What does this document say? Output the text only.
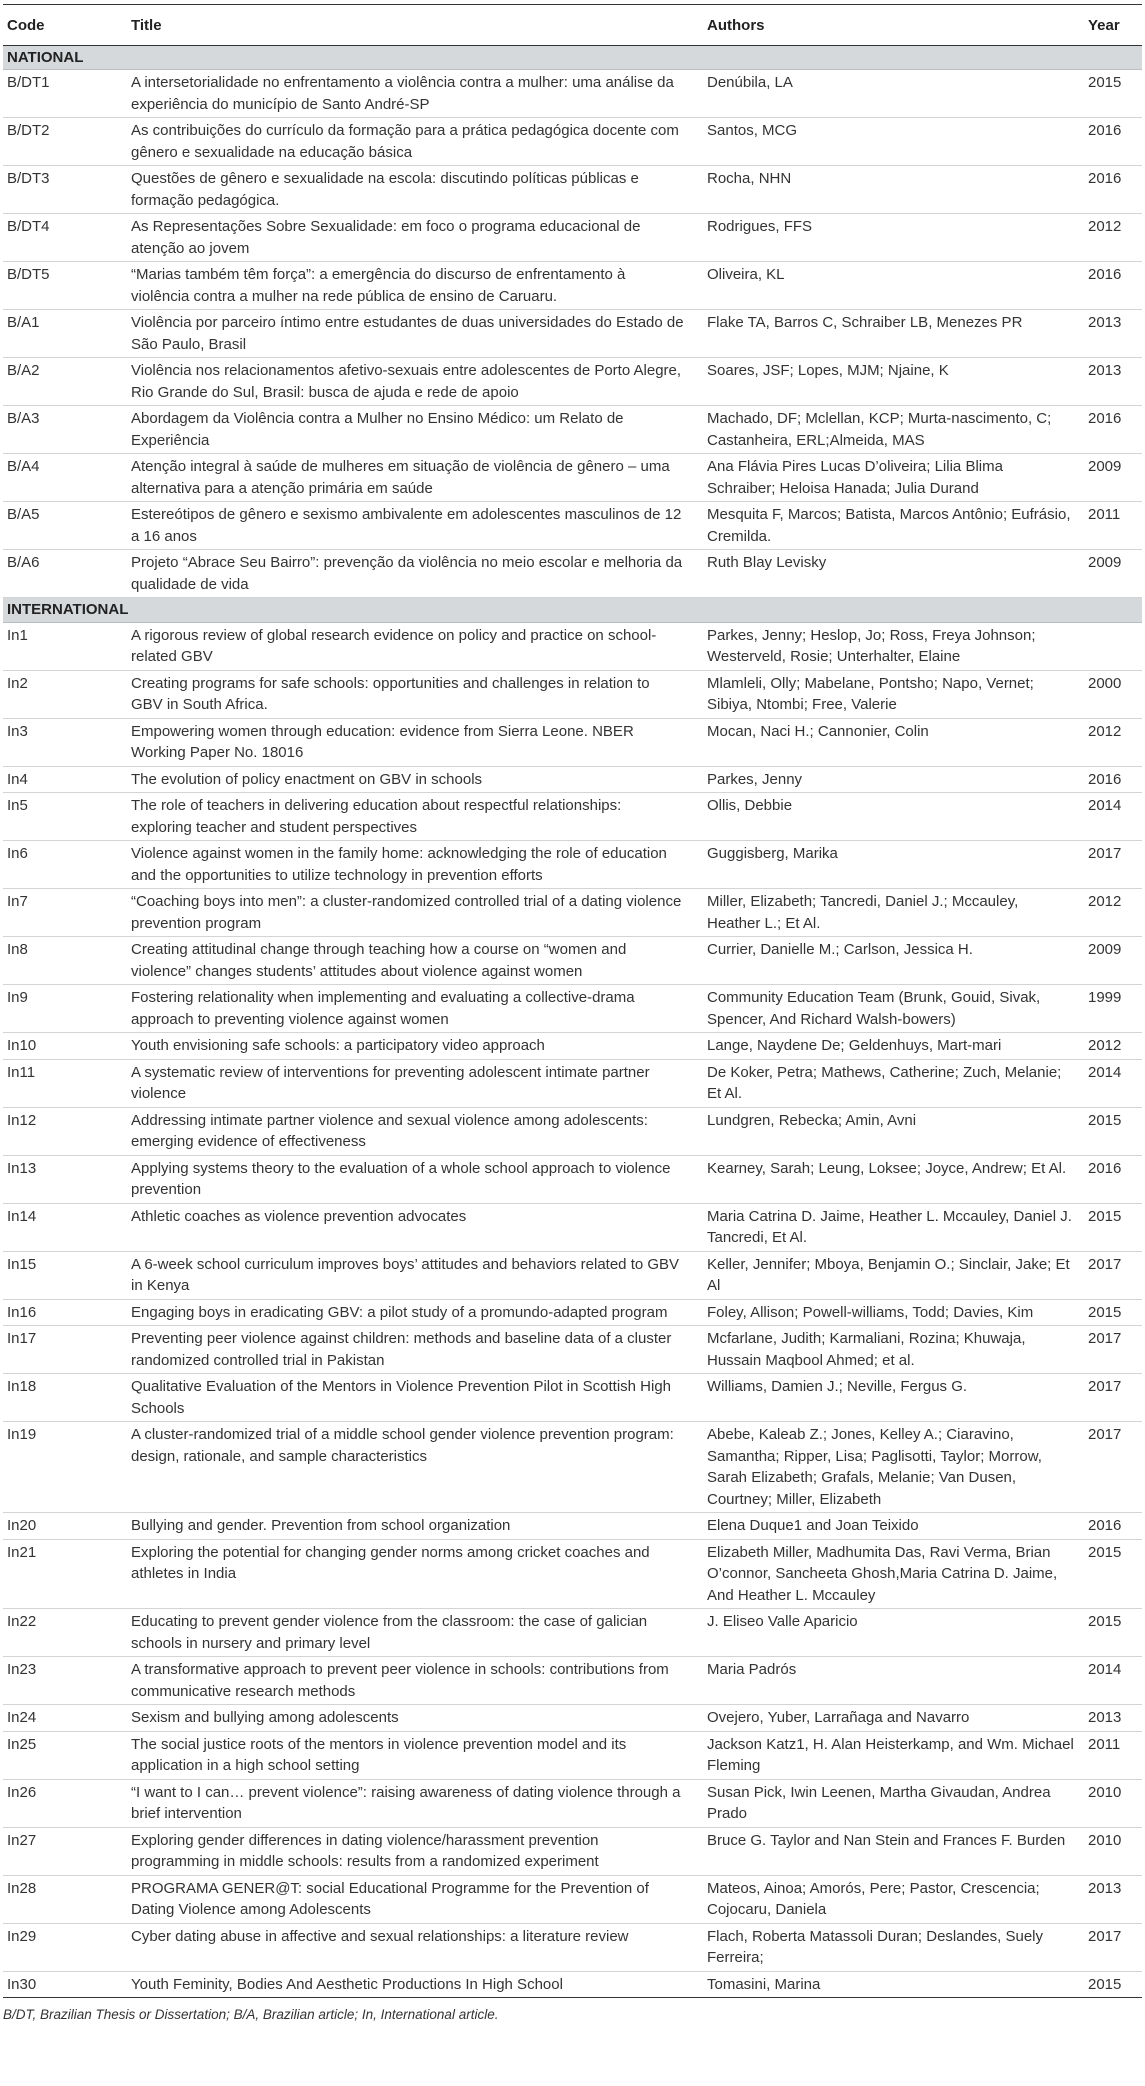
Code	Title	Authors	Year
NATIONAL			
B/DT1	A intersetorialidade no enfrentamento a violência contra a mulher: uma análise da experiência do município de Santo André-SP	Denúbila, LA	2015
B/DT2	As contribuições do currículo da formação para a prática pedagógica docente com gênero e sexualidade na educação básica	Santos, MCG	2016
B/DT3	Questões de gênero e sexualidade na escola: discutindo políticas públicas e formação pedagógica.	Rocha, NHN	2016
B/DT4	As Representações Sobre Sexualidade: em foco o programa educacional de atenção ao jovem	Rodrigues, FFS	2012
B/DT5	“Marias também têm força”: a emergência do discurso de enfrentamento à violência contra a mulher na rede pública de ensino de Caruaru.	Oliveira, KL	2016
B/A1	Violência por parceiro íntimo entre estudantes de duas universidades do Estado de São Paulo, Brasil	Flake TA, Barros C, Schraiber LB, Menezes PR	2013
B/A2	Violência nos relacionamentos afetivo-sexuais entre adolescentes de Porto Alegre, Rio Grande do Sul, Brasil: busca de ajuda e rede de apoio	Soares, JSF; Lopes, MJM; Njaine, K	2013
B/A3	Abordagem da Violência contra a Mulher no Ensino Médico: um Relato de Experiência	Machado, DF; Mclellan, KCP; Murta-nascimento, C; Castanheira, ERL;Almeida, MAS	2016
B/A4	Atenção integral à saúde de mulheres em situação de violência de gênero – uma alternativa para a atenção primária em saúde	Ana Flávia Pires Lucas D’oliveira; Lilia Blima Schraiber; Heloisa Hanada; Julia Durand	2009
B/A5	Estereótipos de gênero e sexismo ambivalente em adolescentes masculinos de 12 a 16 anos	Mesquita F, Marcos; Batista, Marcos Antônio; Eufrásio, Cremilda.	2011
B/A6	Projeto “Abrace Seu Bairro”: prevenção da violência no meio escolar e melhoria da qualidade de vida	Ruth Blay Levisky	2009
INTERNATIONAL			
In1	A rigorous review of global research evidence on policy and practice on school-related GBV	Parkes, Jenny; Heslop, Jo; Ross, Freya Johnson; Westerveld, Rosie; Unterhalter, Elaine	
In2	Creating programs for safe schools: opportunities and challenges in relation to GBV in South Africa.	Mlamleli, Olly; Mabelane, Pontsho; Napo, Vernet; Sibiya, Ntombi; Free, Valerie	2000
In3	Empowering women through education: evidence from Sierra Leone. NBER Working Paper No. 18016	Mocan, Naci H.; Cannonier, Colin	2012
In4	The evolution of policy enactment on GBV in schools	Parkes, Jenny	2016
In5	The role of teachers in delivering education about respectful relationships: exploring teacher and student perspectives	Ollis, Debbie	2014
In6	Violence against women in the family home: acknowledging the role of education and the opportunities to utilize technology in prevention efforts	Guggisberg, Marika	2017
In7	“Coaching boys into men”: a cluster-randomized controlled trial of a dating violence prevention program	Miller, Elizabeth; Tancredi, Daniel J.; Mccauley, Heather L.; Et Al.	2012
In8	Creating attitudinal change through teaching how a course on “women and violence” changes students’ attitudes about violence against women	Currier, Danielle M.; Carlson, Jessica H.	2009
In9	Fostering relationality when implementing and evaluating a collective-drama approach to preventing violence against women	Community Education Team (Brunk, Gouid, Sivak, Spencer, And Richard Walsh-bowers)	1999
In10	Youth envisioning safe schools: a participatory video approach	Lange, Naydene De; Geldenhuys, Mart-mari	2012
In11	A systematic review of interventions for preventing adolescent intimate partner violence	De Koker, Petra; Mathews, Catherine; Zuch, Melanie; Et Al.	2014
In12	Addressing intimate partner violence and sexual violence among adolescents: emerging evidence of effectiveness	Lundgren, Rebecka; Amin, Avni	2015
In13	Applying systems theory to the evaluation of a whole school approach to violence prevention	Kearney, Sarah; Leung, Loksee; Joyce, Andrew; Et Al.	2016
In14	Athletic coaches as violence prevention advocates	Maria Catrina D. Jaime, Heather L. Mccauley, Daniel J. Tancredi, Et Al.	2015
In15	A 6-week school curriculum improves boys’ attitudes and behaviors related to GBV in Kenya	Keller, Jennifer; Mboya, Benjamin O.; Sinclair, Jake; Et Al	2017
In16	Engaging boys in eradicating GBV: a pilot study of a promundo-adapted program	Foley, Allison; Powell-williams, Todd; Davies, Kim	2015
In17	Preventing peer violence against children: methods and baseline data of a cluster randomized controlled trial in Pakistan	Mcfarlane, Judith; Karmaliani, Rozina; Khuwaja, Hussain Maqbool Ahmed; et al.	2017
In18	Qualitative Evaluation of the Mentors in Violence Prevention Pilot in Scottish High Schools	Williams, Damien J.; Neville, Fergus G.	2017
In19	A cluster-randomized trial of a middle school gender violence prevention program: design, rationale, and sample characteristics	Abebe, Kaleab Z.; Jones, Kelley A.; Ciaravino, Samantha; Ripper, Lisa; Paglisotti, Taylor; Morrow, Sarah Elizabeth; Grafals, Melanie; Van Dusen, Courtney; Miller, Elizabeth	2017
In20	Bullying and gender. Prevention from school organization	Elena Duque1 and Joan Teixido	2016
In21	Exploring the potential for changing gender norms among cricket coaches and athletes in India	Elizabeth Miller, Madhumita Das, Ravi Verma, Brian O’connor, Sancheeta Ghosh,Maria Catrina D. Jaime, And Heather L. Mccauley	2015
In22	Educating to prevent gender violence from the classroom: the case of galician schools in nursery and primary level	J. Eliseo Valle Aparicio	2015
In23	A transformative approach to prevent peer violence in schools: contributions from communicative research methods	Maria Padrós	2014
In24	Sexism and bullying among adolescents	Ovejero, Yuber, Larrañaga and Navarro	2013
In25	The social justice roots of the mentors in violence prevention model and its application in a high school setting	Jackson Katz1, H. Alan Heisterkamp, and Wm. Michael Fleming	2011
In26	“I want to I can… prevent violence”: raising awareness of dating violence through a brief intervention	Susan Pick, Iwin Leenen, Martha Givaudan, Andrea Prado	2010
In27	Exploring gender differences in dating violence/harassment prevention programming in middle schools: results from a randomized experiment	Bruce G. Taylor and Nan Stein and Frances F. Burden	2010
In28	PROGRAMA GENER@T: social Educational Programme for the Prevention of Dating Violence among Adolescents	Mateos, Ainoa; Amorós, Pere; Pastor, Crescencia; Cojocaru, Daniela	2013
In29	Cyber dating abuse in affective and sexual relationships: a literature review	Flach, Roberta Matassoli Duran; Deslandes, Suely Ferreira;	2017
In30	Youth Feminity, Bodies And Aesthetic Productions In High School	Tomasini, Marina	2015
B/DT, Brazilian Thesis or Dissertation; B/A, Brazilian article; In, International article.
